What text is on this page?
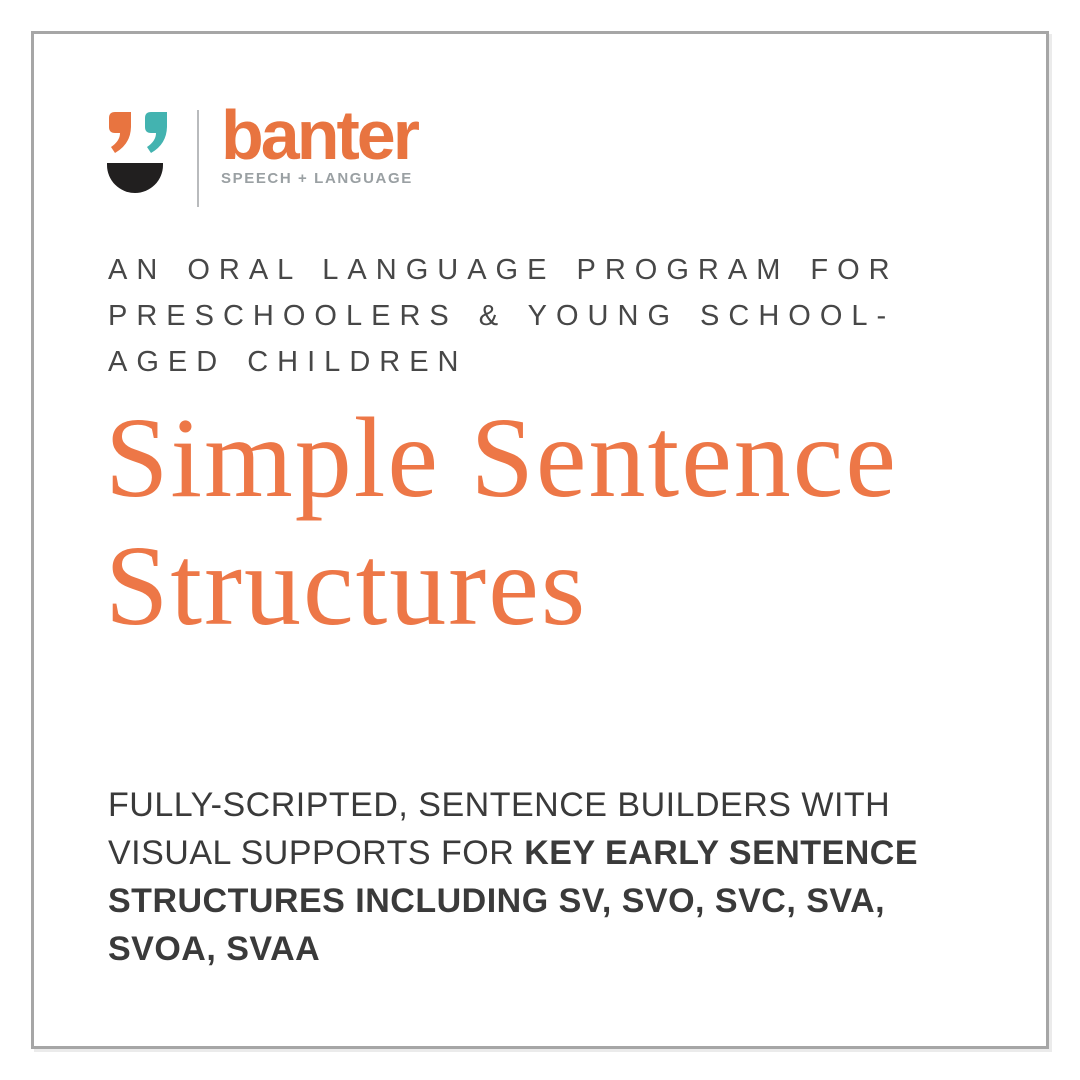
banter
SPEECH + LANGUAGE
AN ORAL LANGUAGE PROGRAM FOR
PRESCHOOLERS & YOUNG SCHOOL-
AGED CHILDREN
Simple Sentence
Structures

FULLY-SCRIPTED, SENTENCE BUILDERS WITH
VISUAL SUPPORTS FOR KEY EARLY SENTENCE
STRUCTURES INCLUDING SV, SVO, SVC, SVA,
SVOA, SVAA
